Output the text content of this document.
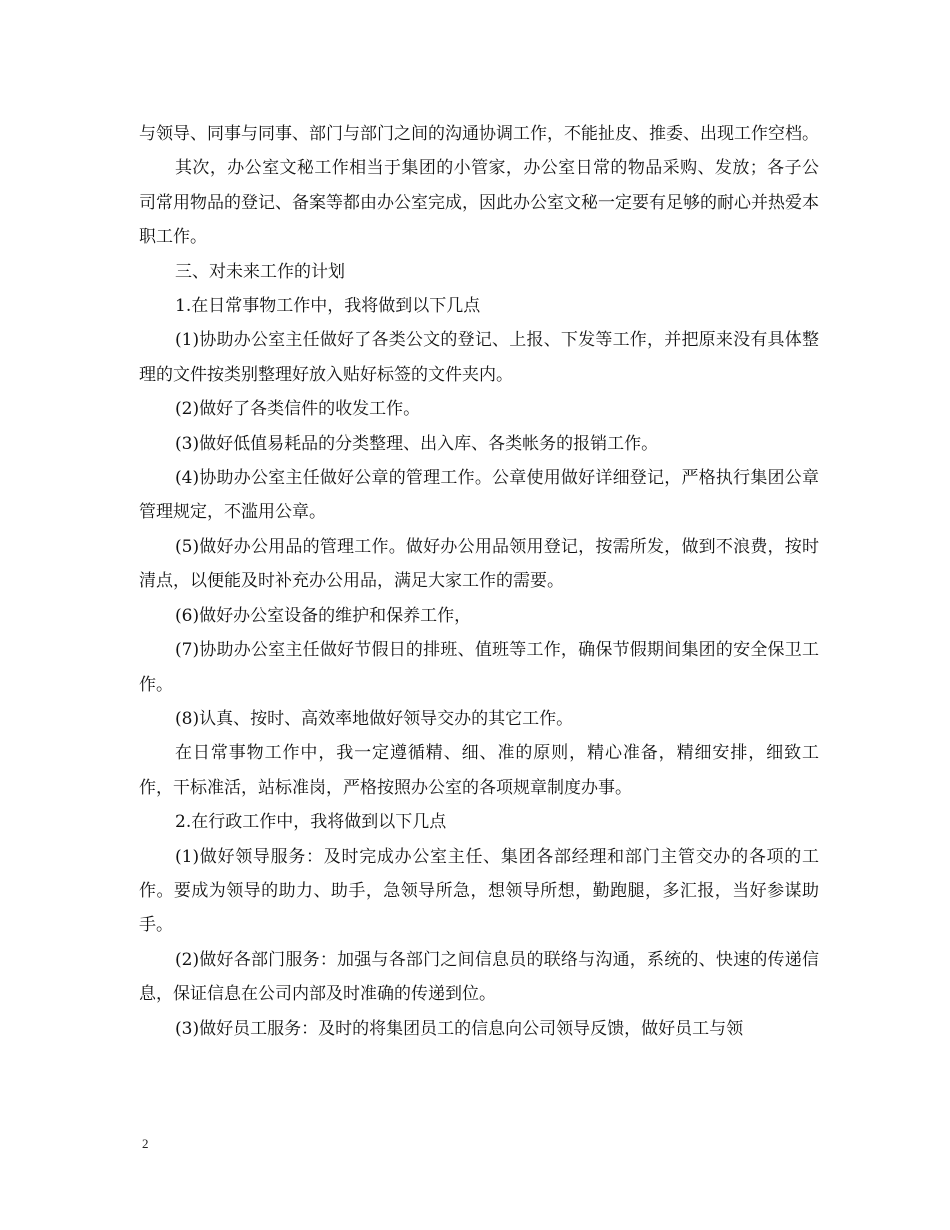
与领导、同事与同事、部门与部门之间的沟通协调工作，不能扯皮、推委、出现工作空档。

其次，办公室文秘工作相当于集团的小管家，办公室日常的物品采购、发放；各子公司常用物品的登记、备案等都由办公室完成，因此办公室文秘一定要有足够的耐心并热爱本职工作。

三、对未来工作的计划

1.在日常事物工作中，我将做到以下几点

(1)协助办公室主任做好了各类公文的登记、上报、下发等工作，并把原来没有具体整理的文件按类别整理好放入贴好标签的文件夹内。

(2)做好了各类信件的收发工作。

(3)做好低值易耗品的分类整理、出入库、各类帐务的报销工作。

(4)协助办公室主任做好公章的管理工作。公章使用做好详细登记，严格执行集团公章管理规定，不滥用公章。

(5)做好办公用品的管理工作。做好办公用品领用登记，按需所发，做到不浪费，按时清点，以便能及时补充办公用品，满足大家工作的需要。

(6)做好办公室设备的维护和保养工作，

(7)协助办公室主任做好节假日的排班、值班等工作，确保节假期间集团的安全保卫工作。

(8)认真、按时、高效率地做好领导交办的其它工作。

在日常事物工作中，我一定遵循精、细、准的原则，精心准备，精细安排，细致工作，干标准活，站标准岗，严格按照办公室的各项规章制度办事。

2.在行政工作中，我将做到以下几点

(1)做好领导服务：及时完成办公室主任、集团各部经理和部门主管交办的各项的工作。要成为领导的助力、助手，急领导所急，想领导所想，勤跑腿，多汇报，当好参谋助手。

(2)做好各部门服务：加强与各部门之间信息员的联络与沟通，系统的、快速的传递信息，保证信息在公司内部及时准确的传递到位。

(3)做好员工服务：及时的将集团员工的信息向公司领导反馈，做好员工与领

2
